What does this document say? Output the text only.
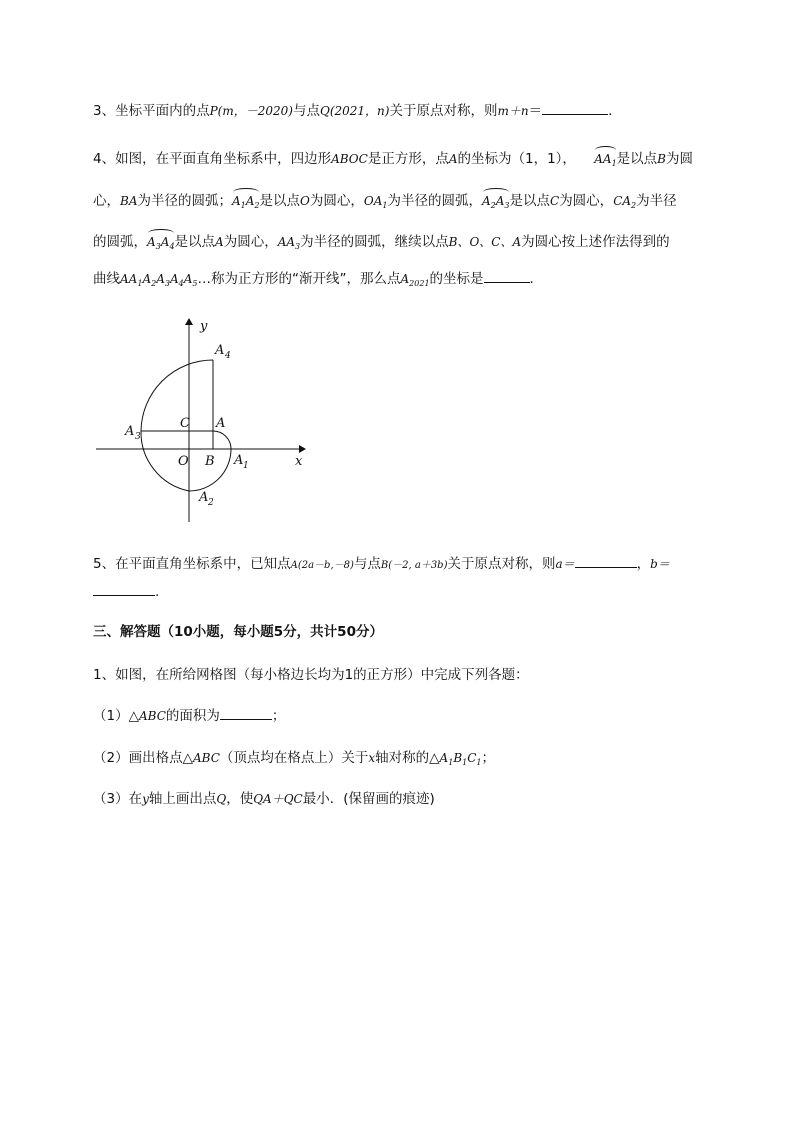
3、坐标平面内的点P(m，－2020)与点Q(2021，n)关于原点对称，则m＋n＝	.
4、如图，在平面直角坐标系中，四边形ABOC是正方形，点A的坐标为（1，1）， $AA_1$是以点B为圆
心，BA为半径的圆弧；$A_1A_2$是以点O为圆心，$OA_1$为半径的圆弧，$A_2A_3$是以点C为圆心，$CA_2$为半径
的圆弧，$A_3A_4$是以点A为圆心，$AA_3$为半径的圆弧，继续以点B、O、C、A为圆心按上述作法得到的
曲线$AA_1A_2A_3A_4A_5\dots$称为正方形的“渐开线”，那么点$A_{2021}$的坐标是	.
y
x
A 4
A
C
A 3
O B A 1
A 2
5、在平面直角坐标系中，已知点A(2a－b,－8)与点B(－2, a＋3b)关于原点对称，则a＝	，b＝
.
三、解答题（10小题，每小题5分，共计50分）
1、如图，在所给网格图（每小格边长均为1的正方形）中完成下列各题：
（1）△ABC的面积为	；
（2）画出格点△ABC（顶点均在格点上）关于x轴对称的$\triangle A_1B_1C_1$；
（3）在y轴上画出点Q，使QA＋QC最小．(保留画的痕迹)
